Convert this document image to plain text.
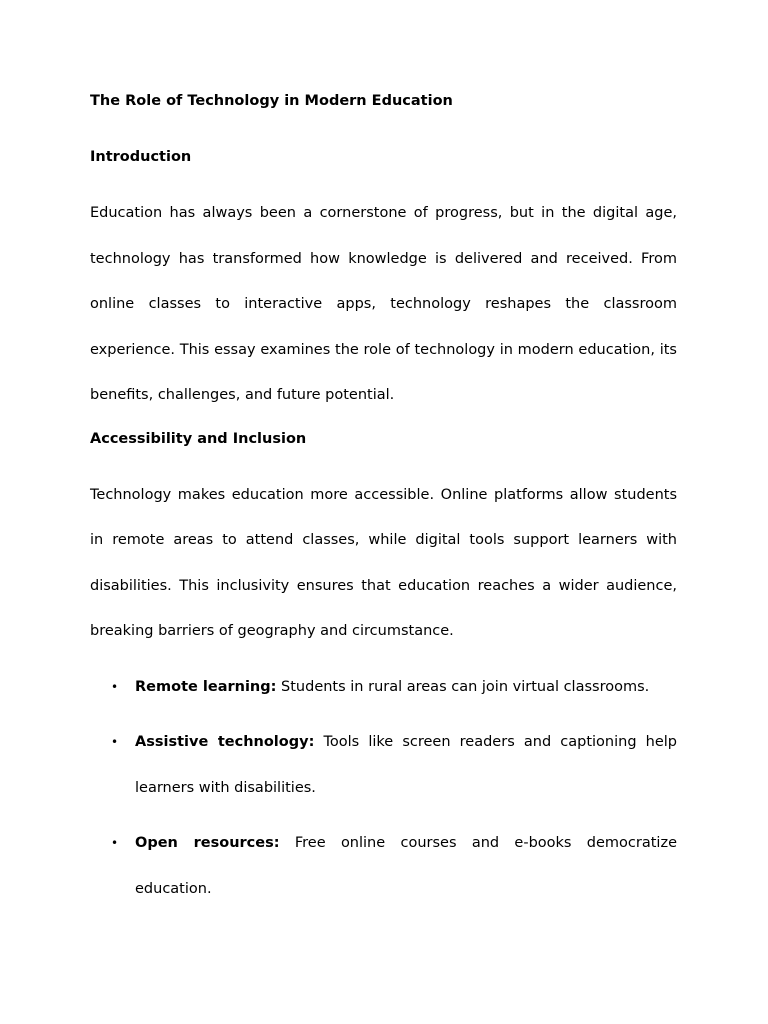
The Role of Technology in Modern Education

Introduction

Education has always been a cornerstone of progress, but in the digital age, technology has transformed how knowledge is delivered and received. From online classes to interactive apps, technology reshapes the classroom experience. This essay examines the role of technology in modern education, its benefits, challenges, and future potential.

Accessibility and Inclusion

Technology makes education more accessible. Online platforms allow students in remote areas to attend classes, while digital tools support learners with disabilities. This inclusivity ensures that education reaches a wider audience, breaking barriers of geography and circumstance.

• Remote learning: Students in rural areas can join virtual classrooms.
• Assistive technology: Tools like screen readers and captioning help learners with disabilities.
• Open resources: Free online courses and e-books democratize education.
